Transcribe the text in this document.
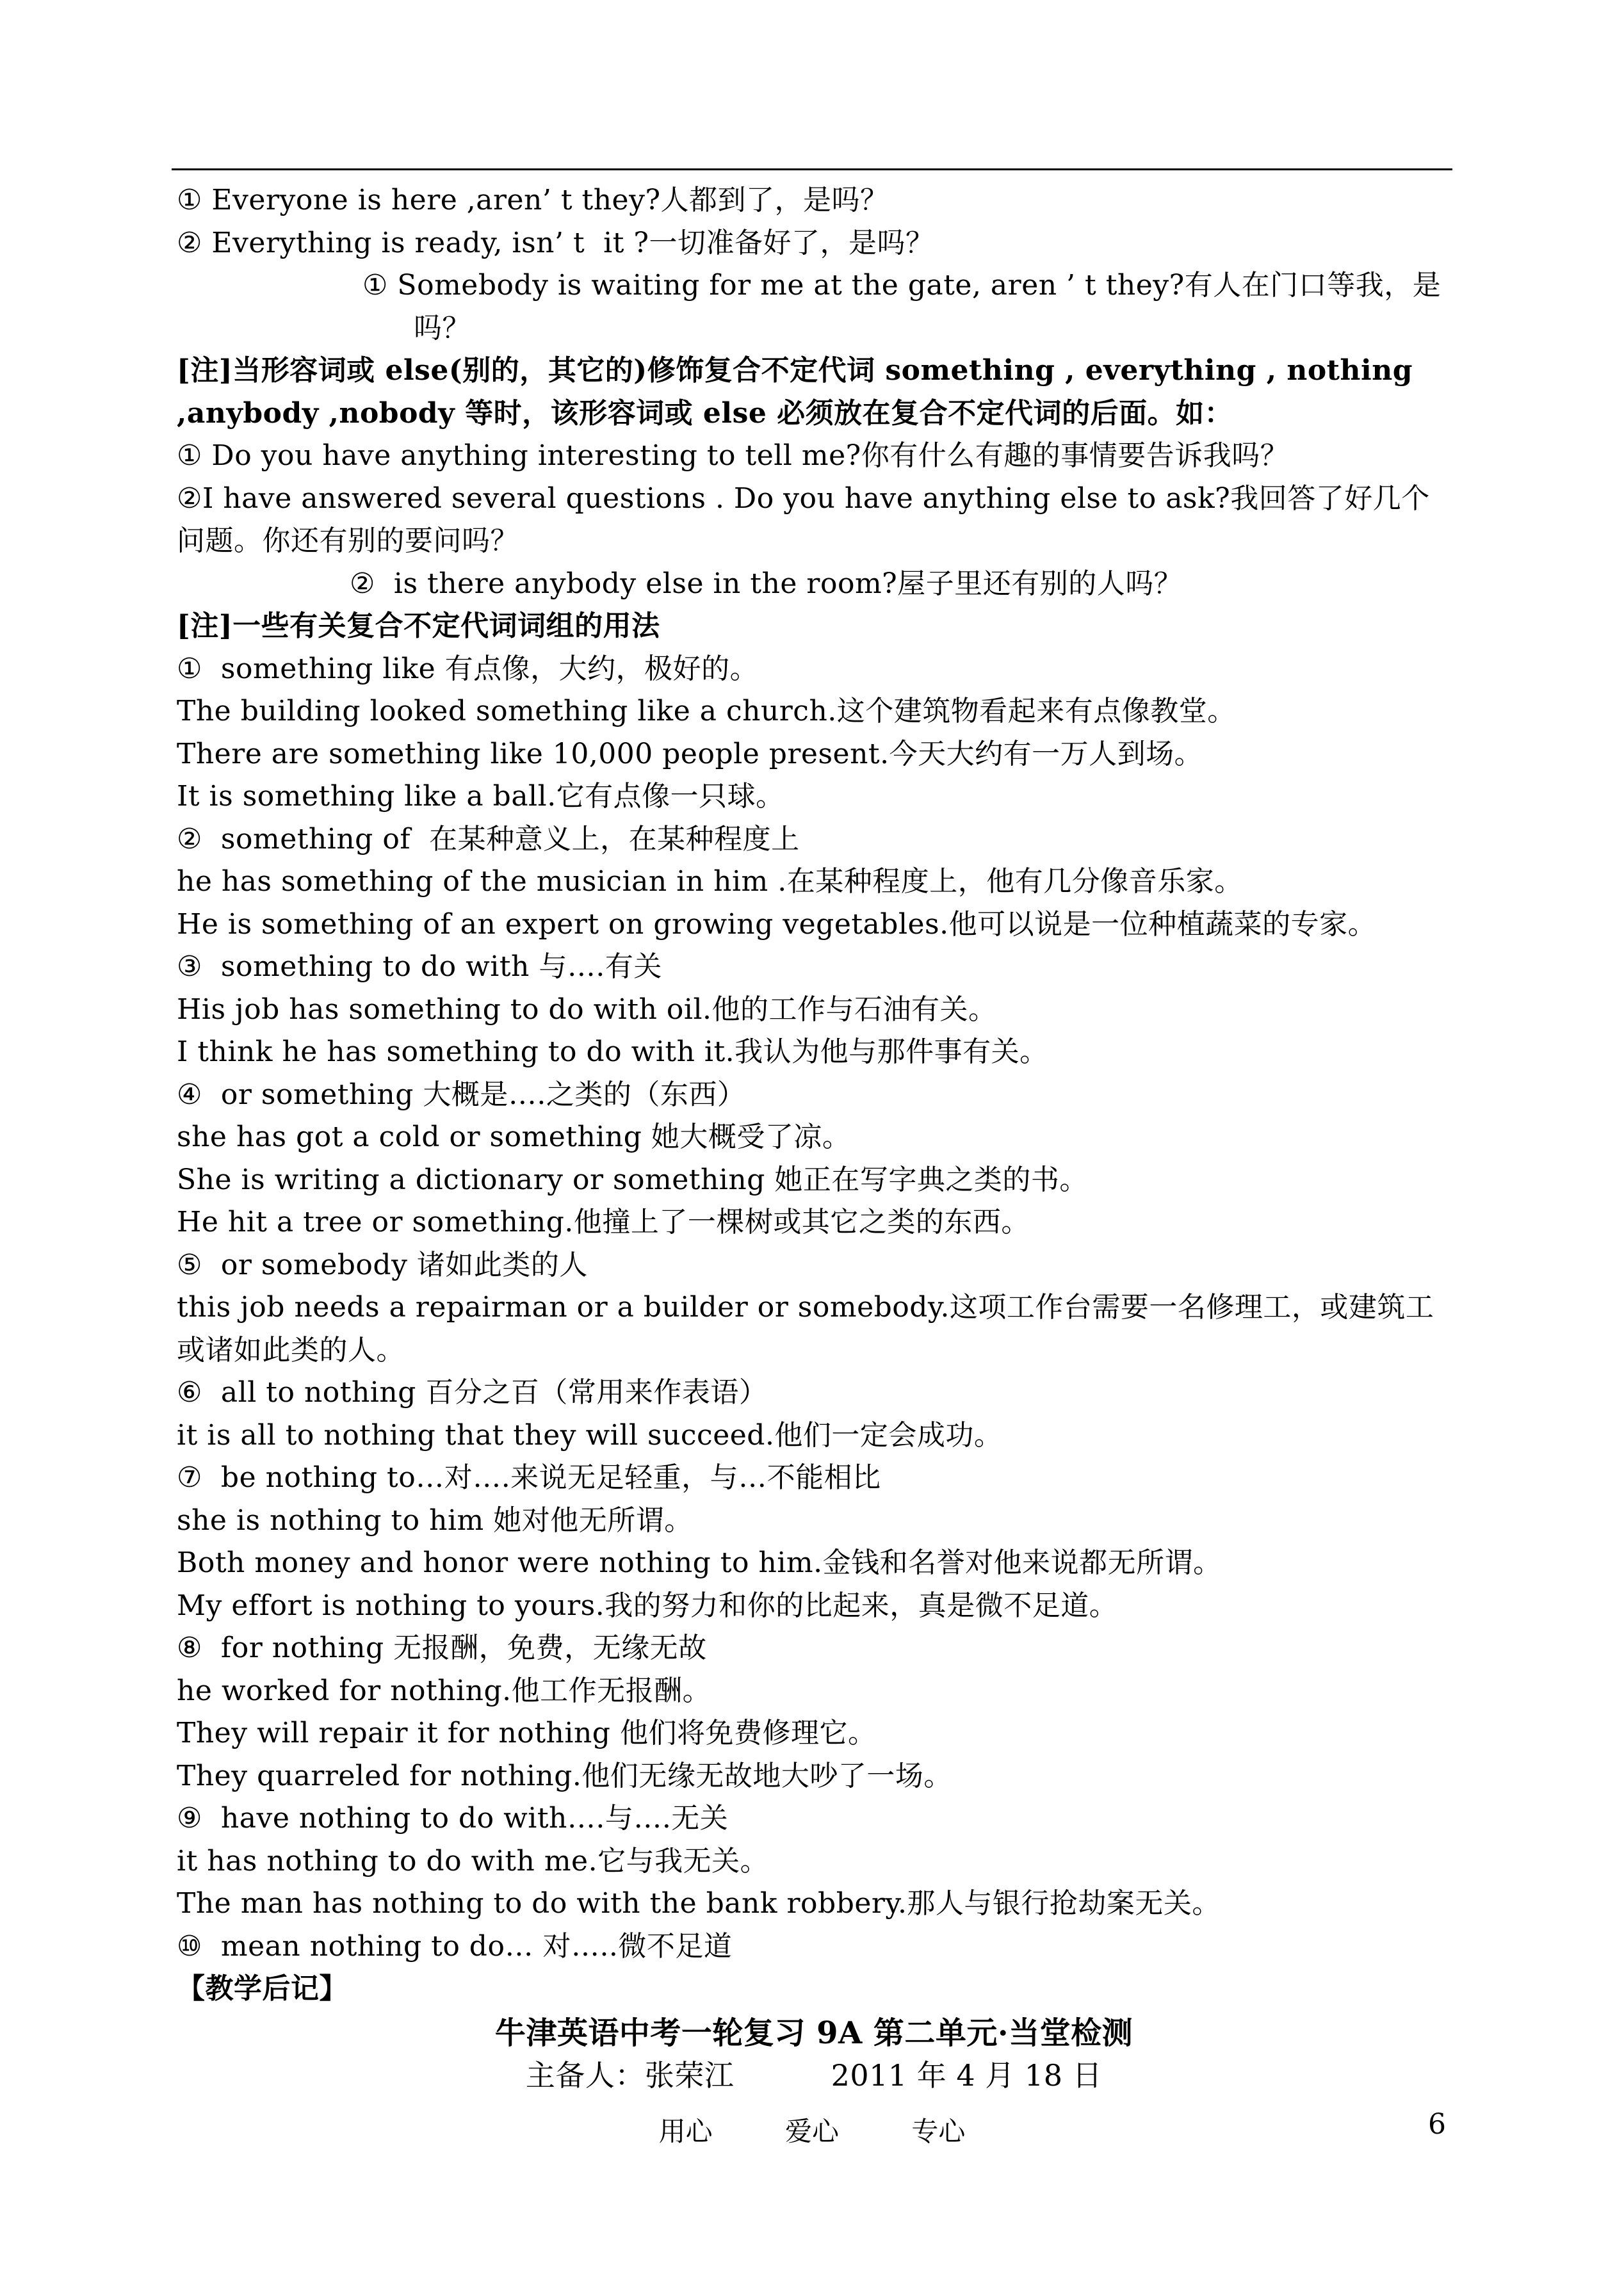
① Everyone is here ,aren’ t they?人都到了，是吗？
② Everything is ready, isn’ t  it ?一切准备好了，是吗？
① Somebody is waiting for me at the gate, aren ’ t they?有人在门口等我，是吗？
[注]当形容词或 else(别的，其它的)修饰复合不定代词 something , everything , nothing ,anybody ,nobody 等时，该形容词或 else 必须放在复合不定代词的后面。如：
① Do you have anything interesting to tell me?你有什么有趣的事情要告诉我吗？
②I have answered several questions . Do you have anything else to ask?我回答了好几个问题。你还有别的要问吗？
②  is there anybody else in the room?屋子里还有别的人吗？
[注]一些有关复合不定代词词组的用法
①  something like 有点像，大约，极好的。
The building looked something like a church.这个建筑物看起来有点像教堂。
There are something like 10,000 people present.今天大约有一万人到场。
It is something like a ball.它有点像一只球。
②  something of  在某种意义上，在某种程度上
he has something of the musician in him .在某种程度上，他有几分像音乐家。
He is something of an expert on growing vegetables.他可以说是一位种植蔬菜的专家。
③  something to do with 与….有关
His job has something to do with oil.他的工作与石油有关。
I think he has something to do with it.我认为他与那件事有关。
④  or something 大概是….之类的（东西）
she has got a cold or something 她大概受了凉。
She is writing a dictionary or something 她正在写字典之类的书。
He hit a tree or something.他撞上了一棵树或其它之类的东西。
⑤  or somebody 诸如此类的人
this job needs a repairman or a builder or somebody.这项工作台需要一名修理工，或建筑工或诸如此类的人。
⑥  all to nothing 百分之百（常用来作表语）
it is all to nothing that they will succeed.他们一定会成功。
⑦  be nothing to…对….来说无足轻重，与…不能相比
she is nothing to him 她对他无所谓。
Both money and honor were nothing to him.金钱和名誉对他来说都无所谓。
My effort is nothing to yours.我的努力和你的比起来，真是微不足道。
⑧  for nothing 无报酬，免费，无缘无故
he worked for nothing.他工作无报酬。
They will repair it for nothing 他们将免费修理它。
They quarreled for nothing.他们无缘无故地大吵了一场。
⑨  have nothing to do with….与….无关
it has nothing to do with me.它与我无关。
The man has nothing to do with the bank robbery.那人与银行抢劫案无关。
⑩  mean nothing to do… 对…..微不足道
【教学后记】
牛津英语中考一轮复习 9A 第二单元·当堂检测
主备人：张荣江          2011 年 4 月 18 日
用心	爱心	专心	6
